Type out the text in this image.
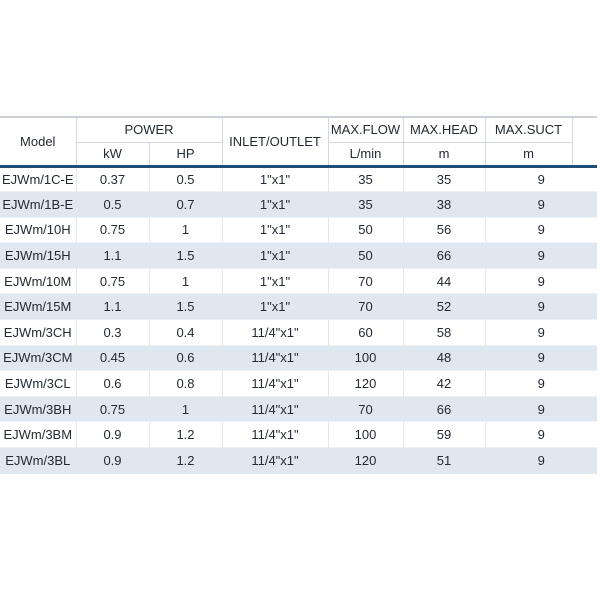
Model	POWER		INLET/OUTLET	MAX.FLOW	MAX.HEAD	MAX.SUCT	
	kW	HP		L/min	m	m	
EJWm/1C-E	0.37	0.5	1"x1"	35	35	9	
EJWm/1B-E	0.5	0.7	1"x1"	35	38	9	
EJWm/10H	0.75	1	1"x1"	50	56	9	
EJWm/15H	1.1	1.5	1"x1"	50	66	9	
EJWm/10M	0.75	1	1"x1"	70	44	9	
EJWm/15M	1.1	1.5	1"x1"	70	52	9	
EJWm/3CH	0.3	0.4	11/4"x1"	60	58	9	
EJWm/3CM	0.45	0.6	11/4"x1"	100	48	9	
EJWm/3CL	0.6	0.8	11/4"x1"	120	42	9	
EJWm/3BH	0.75	1	11/4"x1"	70	66	9	
EJWm/3BM	0.9	1.2	11/4"x1"	100	59	9	
EJWm/3BL	0.9	1.2	11/4"x1"	120	51	9	
